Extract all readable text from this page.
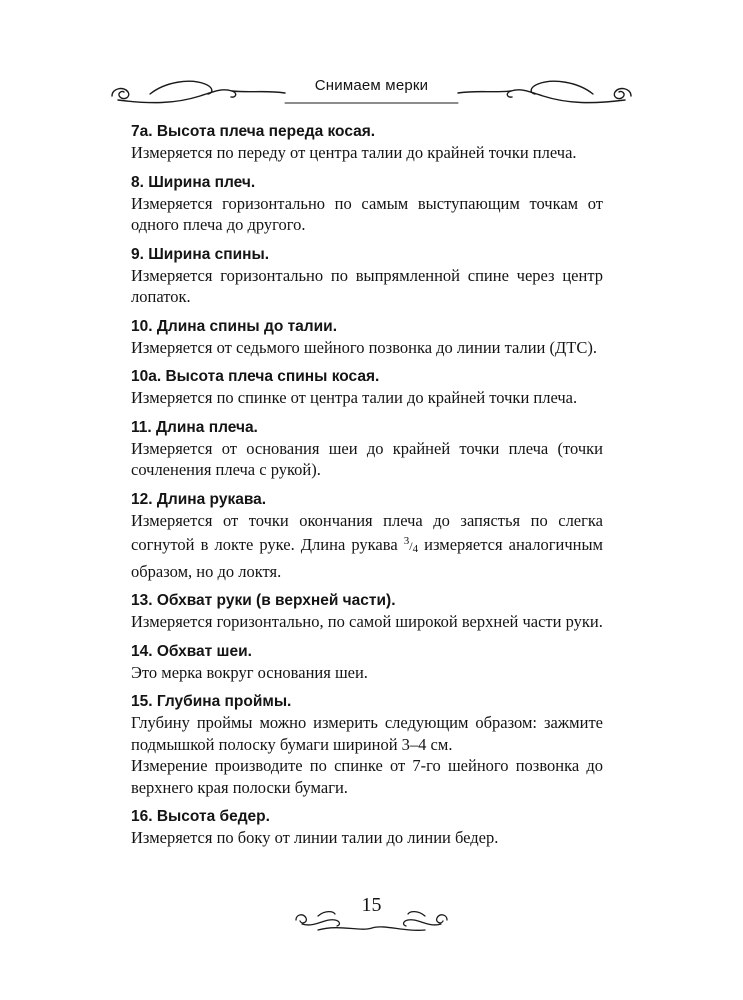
Снимаем мерки

7а. Высота плеча переда косая.

Измеряется по переду от центра талии до крайней точки плеча.

8. Ширина плеч.

Измеряется горизонтально по самым выступающим точкам от одного плеча до другого.

9. Ширина спины.

Измеряется горизонтально по выпрямленной спине через центр лопаток.

10. Длина спины до талии.

Измеряется от седьмого шейного позвонка до линии талии (ДТС).

10а. Высота плеча спины косая.

Измеряется по спинке от центра талии до крайней точки плеча.

11. Длина плеча.

Измеряется от основания шеи до крайней точки плеча (точки сочленения плеча с рукой).

12. Длина рукава.

Измеряется от точки окончания плеча до запястья по слегка согнутой в локте руке. Длина рукава $^3/_4$ измеряется аналогичным образом, но до локтя.

13. Обхват руки (в верхней части).

Измеряется горизонтально, по самой широкой верхней части руки.

14. Обхват шеи.

Это мерка вокруг основания шеи.

15. Глубина проймы.

Глубину проймы можно измерить следующим образом: зажмите подмышкой полоску бумаги шириной 3–4 см.

Измерение производите по спинке от 7-го шейного позвонка до верхнего края полоски бумаги.

16. Высота бедер.

Измеряется по боку от линии талии до линии бедер.

15
